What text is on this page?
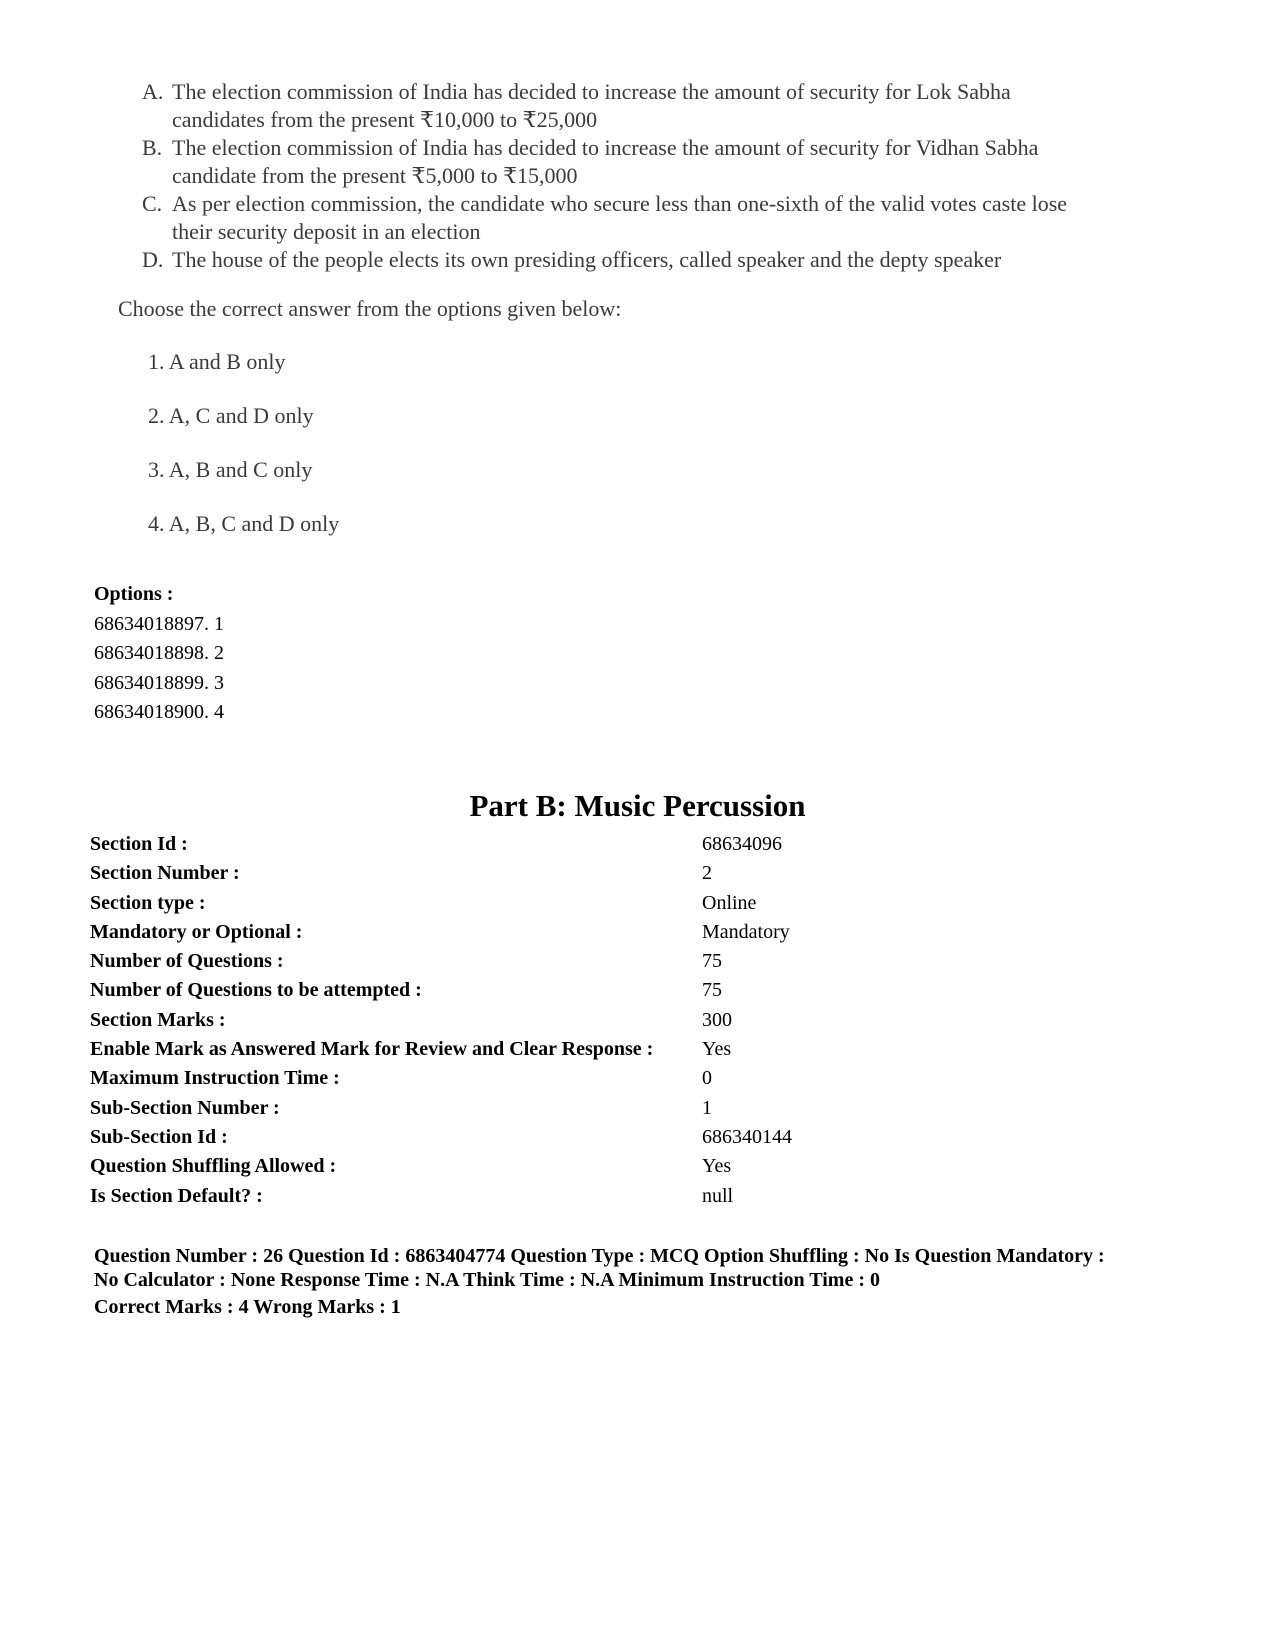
A. The election commission of India has decided to increase the amount of security for Lok Sabha
candidates from the present ₹10,000 to ₹25,000
B. The election commission of India has decided to increase the amount of security for Vidhan Sabha
candidate from the present ₹5,000 to ₹15,000
C. As per election commission, the candidate who secure less than one-sixth of the valid votes caste lose
their security deposit in an election
D. The house of the people elects its own presiding officers, called speaker and the depty speaker
Choose the correct answer from the options given below:
1. A and B only
2. A, C and D only
3. A, B and C only
4. A, B, C and D only
Options :
68634018897. 1
68634018898. 2
68634018899. 3
68634018900. 4
Part B: Music Percussion
Section Id :	68634096
Section Number :	2
Section type :	Online
Mandatory or Optional :	Mandatory
Number of Questions :	75
Number of Questions to be attempted :	75
Section Marks :	300
Enable Mark as Answered Mark for Review and Clear Response : Yes
Maximum Instruction Time :	0
Sub-Section Number :	1
Sub-Section Id :	686340144
Question Shuffling Allowed :	Yes
Is Section Default? :	null
Question Number : 26 Question Id : 6863404774 Question Type : MCQ Option Shuffling : No Is Question Mandatory :
No Calculator : None Response Time : N.A Think Time : N.A Minimum Instruction Time : 0
Correct Marks : 4 Wrong Marks : 1
